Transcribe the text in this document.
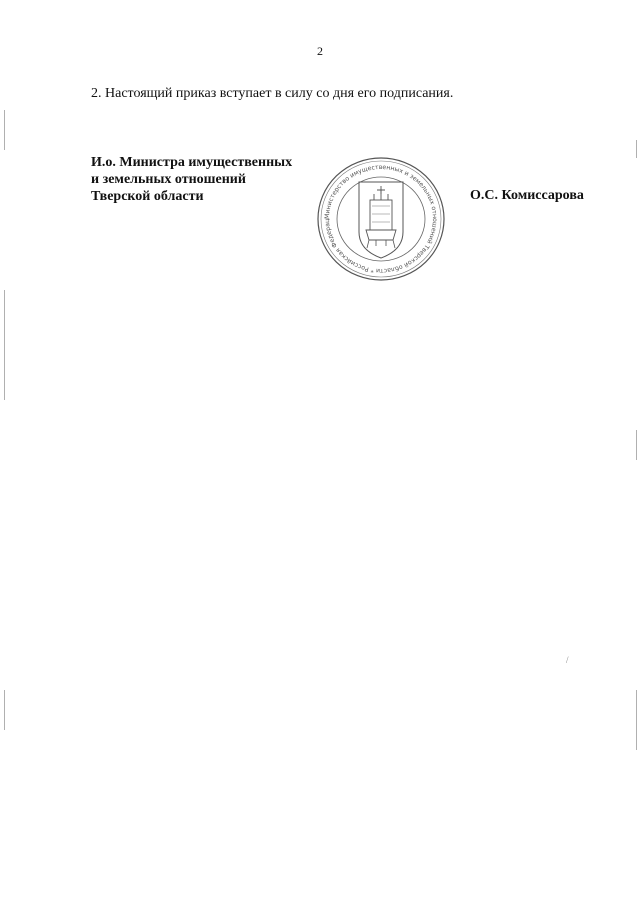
2
2. Настоящий приказ вступает в силу со дня его подписания.
И.о. Министра имущественных
и земельных отношений
Тверской области
Министерство имущественных и земельных отношений Тверской области * Российская Федерац
О.С. Комиссарова
/
